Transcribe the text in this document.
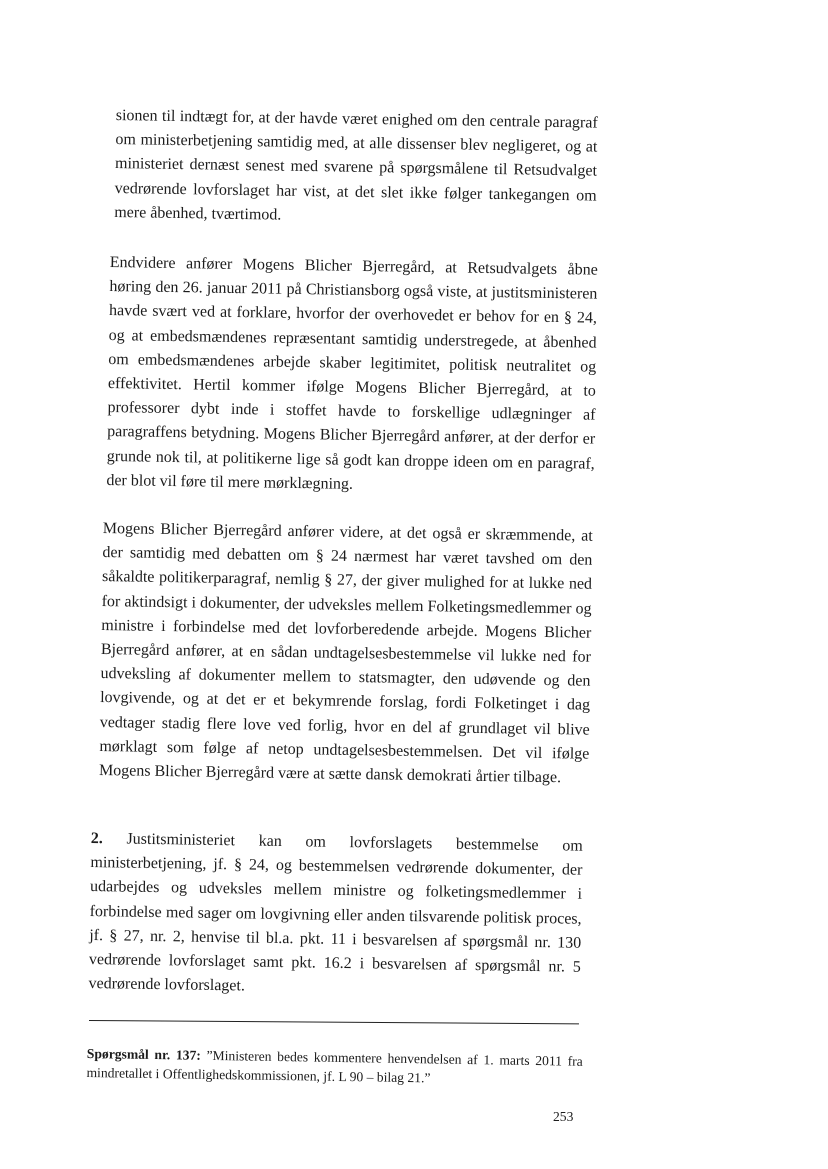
sionen til indtægt for, at der havde været enighed om den centrale paragraf om ministerbetjening samtidig med, at alle dissenser blev negligeret, og at ministeriet dernæst senest med svarene på spørgsmålene til Retsudvalget vedrørende lovforslaget har vist, at det slet ikke følger tankegangen om mere åbenhed, tværtimod.

Endvidere anfører Mogens Blicher Bjerregård, at Retsudvalgets åbne høring den 26. januar 2011 på Christiansborg også viste, at justitsministeren havde svært ved at forklare, hvorfor der overhovedet er behov for en § 24, og at embedsmændenes repræsentant samtidig understregede, at åbenhed om embedsmændenes arbejde skaber legitimitet, politisk neutralitet og effektivitet. Hertil kommer ifølge Mogens Blicher Bjerregård, at to professorer dybt inde i stoffet havde to forskellige udlægninger af paragraffens betydning. Mogens Blicher Bjerregård anfører, at der derfor er grunde nok til, at politikerne lige så godt kan droppe ideen om en paragraf, der blot vil føre til mere mørklægning.

Mogens Blicher Bjerregård anfører videre, at det også er skræmmende, at der samtidig med debatten om § 24 nærmest har været tavshed om den såkaldte politikerparagraf, nemlig § 27, der giver mulighed for at lukke ned for aktindsigt i dokumenter, der udveksles mellem Folketingsmedlemmer og ministre i forbindelse med det lovforberedende arbejde. Mogens Blicher Bjerregård anfører, at en sådan undtagelsesbestemmelse vil lukke ned for udveksling af dokumenter mellem to statsmagter, den udøvende og den lovgivende, og at det er et bekymrende forslag, fordi Folketinget i dag vedtager stadig flere love ved forlig, hvor en del af grundlaget vil blive mørklagt som følge af netop undtagelsesbestemmelsen. Det vil ifølge Mogens Blicher Bjerregård være at sætte dansk demokrati årtier tilbage.

2. Justitsministeriet kan om lovforslagets bestemmelse om ministerbetjening, jf. § 24, og bestemmelsen vedrørende dokumenter, der udarbejdes og udveksles mellem ministre og folketingsmedlemmer i forbindelse med sager om lovgivning eller anden tilsvarende politisk proces, jf. § 27, nr. 2, henvise til bl.a. pkt. 11 i besvarelsen af spørgsmål nr. 130 vedrørende lovforslaget samt pkt. 16.2 i besvarelsen af spørgsmål nr. 5 vedrørende lovforslaget.

Spørgsmål nr. 137: ”Ministeren bedes kommentere henvendelsen af 1. marts 2011 fra mindretallet i Offentlighedskommissionen, jf. L 90 – bilag 21.”

253
